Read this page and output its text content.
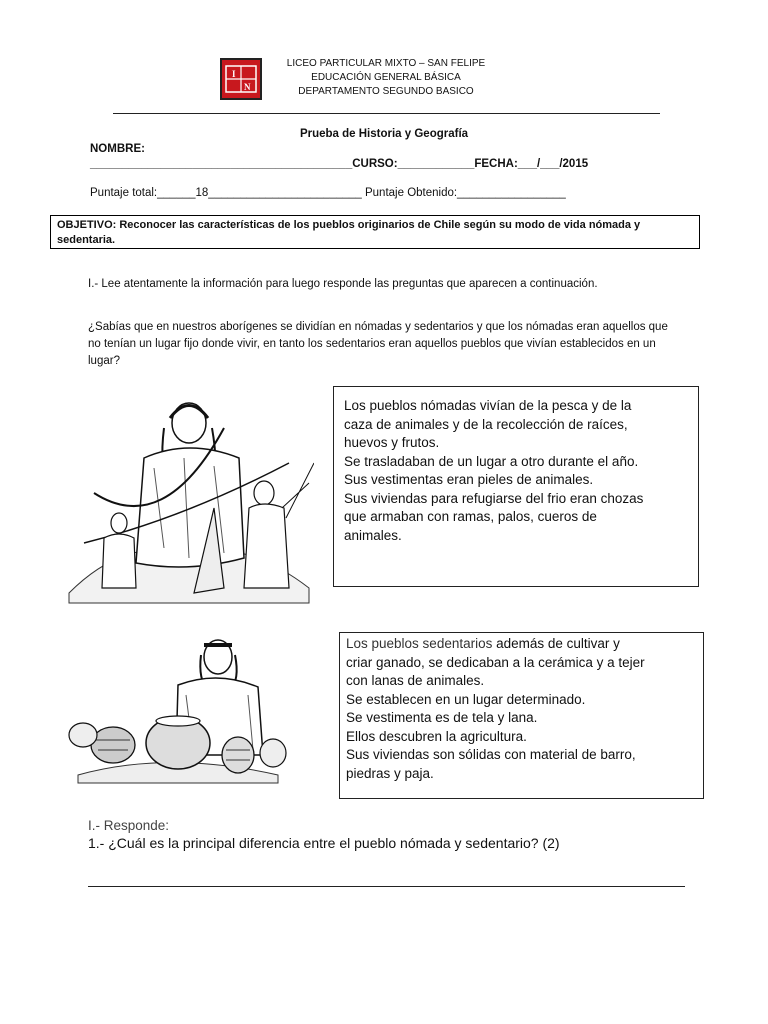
I
N
LICEO PARTICULAR MIXTO – SAN FELIPE
EDUCACIÓN GENERAL BÁSICA
DEPARTAMENTO SEGUNDO BASICO
Prueba de Historia y Geografía
NOMBRE:
_________________________________________CURSO:____________FECHA:___/___/2015
Puntaje total:______18________________________ Puntaje Obtenido:_________________
OBJETIVO: Reconocer las características de los pueblos originarios de Chile según su modo de vida nómada y sedentaria.
I.- Lee atentamente la información para luego responde las preguntas que aparecen a continuación.
¿Sabías que en nuestros aborígenes se dividían en nómadas y sedentarios y que los nómadas eran aquellos que no tenían un lugar fijo donde vivir, en tanto los sedentarios eran aquellos pueblos que vivían establecidos en un lugar?
Los pueblos nómadas vivían de la pesca y de la
caza de animales y de la recolección de raíces,
huevos y frutos.
Se trasladaban de un lugar a otro durante el año.
Sus vestimentas eran pieles de animales.
Sus viviendas para refugiarse del frio eran chozas
que armaban con ramas, palos, cueros de
animales.
Los pueblos sedentarios además de cultivar y
criar ganado, se dedicaban a la cerámica y a tejer
con lanas de animales.
Se establecen en un lugar determinado.
Se vestimenta es de tela y lana.
Ellos descubren la agricultura.
Sus viviendas son sólidas con material de barro,
piedras y paja.
I.- Responde:
1.- ¿Cuál es la principal diferencia entre el pueblo nómada y sedentario? (2)
